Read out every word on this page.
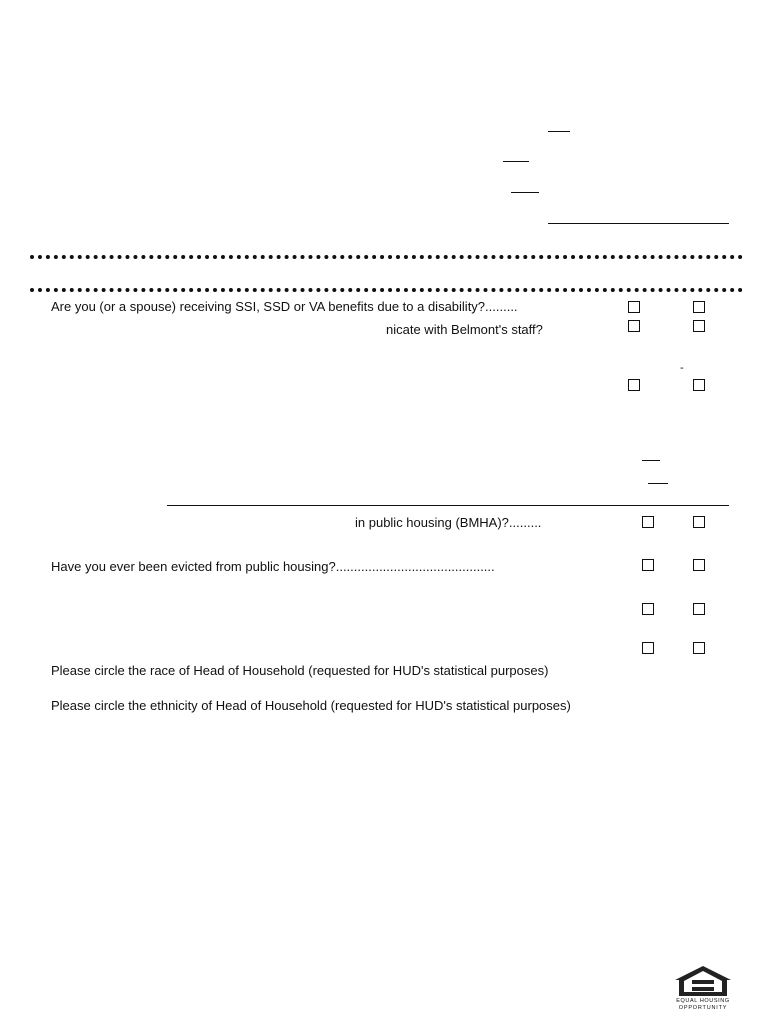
Are you (or a spouse) receiving SSI, SSD or VA benefits due to a disability?.........
nicate with Belmont's staff?
-
in public housing (BMHA)?.........
Have you ever been evicted from public housing?............................................
Please circle the race of Head of Household (requested for HUD's statistical purposes)
Please circle the ethnicity of Head of Household (requested for HUD's statistical purposes)
EQUAL HOUSING
OPPORTUNITY
